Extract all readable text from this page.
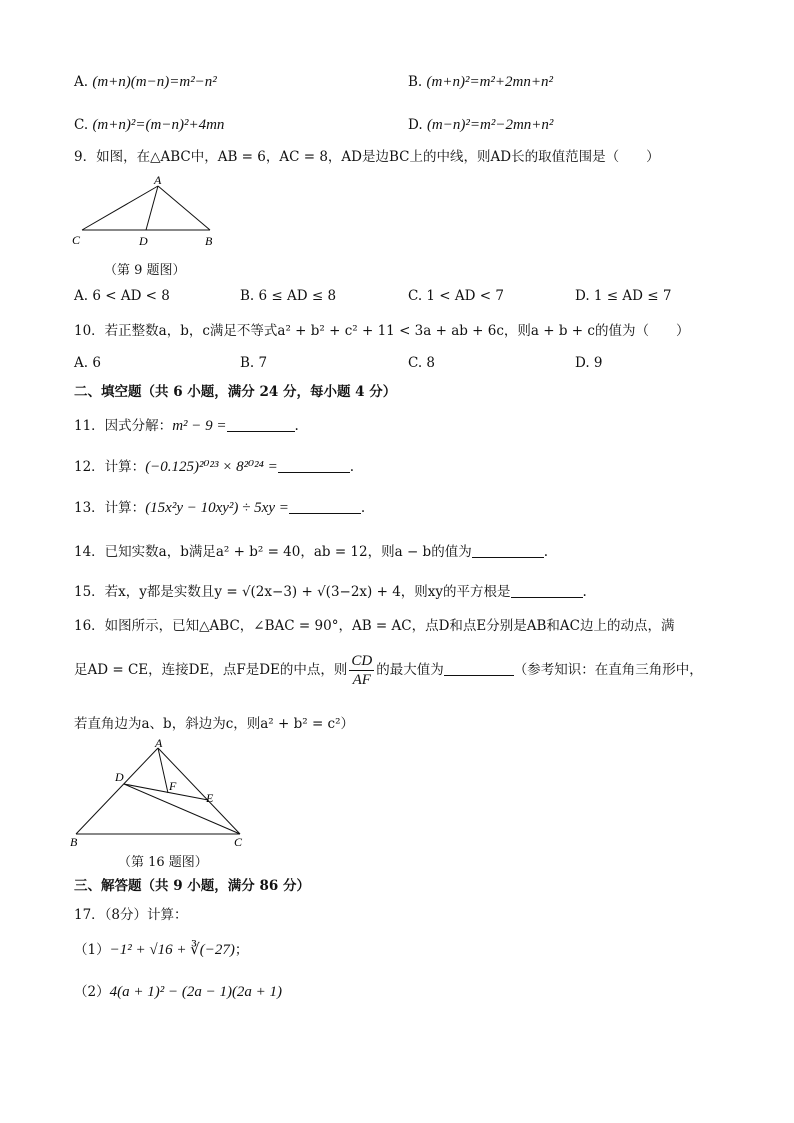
A. (m+n)(m−n)=m²−n²	B. (m+n)²=m²+2mn+n²
C. (m+n)²=(m−n)²+4mn	D. (m−n)²=m²−2mn+n²
9．如图，在△ABC中，AB = 6，AC = 8，AD是边BC上的中线，则AD长的取值范围是（　　）
A
C	D	B
（第 9 题图）
A. 6 < AD < 8	B. 6 ≤ AD ≤ 8	C. 1 < AD < 7	D. 1 ≤ AD ≤ 7
10．若正整数a，b，c满足不等式a² + b² + c² + 11 < 3a + ab + 6c，则a + b + c的值为（　　）
A. 6	B. 7	C. 8	D. 9
二、填空题（共 6 小题，满分 24 分，每小题 4 分）
11．因式分解：m² − 9 =	.
12．计算：(−0.125)²⁰²³ × 8²⁰²⁴ =	.
13．计算：(15x²y − 10xy²) ÷ 5xy =	.
14．已知实数a，b满足a² + b² = 40，ab = 12，则a − b的值为	.
15．若x，y都是实数且y = √(2x−3) + √(3−2x) + 4，则xy的平方根是	.
16．如图所示，已知△ABC，∠BAC = 90°，AB = AC，点D和点E分别是AB和AC边上的动点，满
足AD = CE，连接DE，点F是DE的中点，则 $\frac{CD}{AF}$ 的最大值为	（参考知识：在直角三角形中，
若直角边为a、b，斜边为c，则a² + b² = c²）
A
D
F
E
B	C
（第 16 题图）
三、解答题（共 9 小题，满分 86 分）
17．（8分）计算：
（1）−1² + √16 + ∛(−27)；
（2）4(a + 1)² − (2a − 1)(2a + 1)
